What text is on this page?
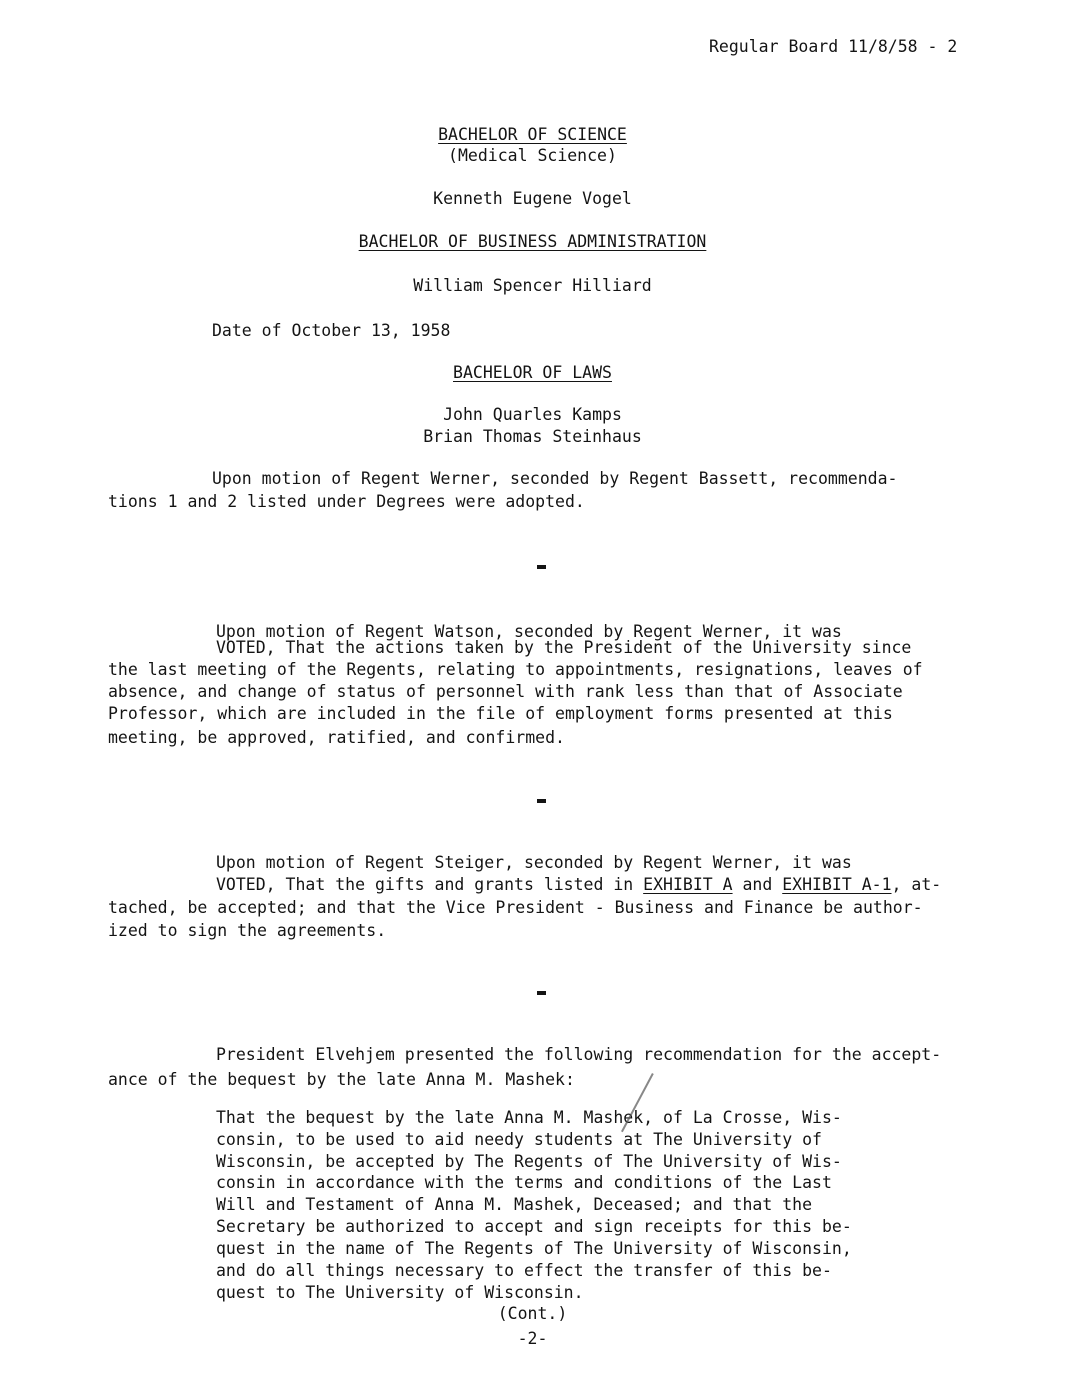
Regular Board 11/8/58 - 2
BACHELOR OF SCIENCE
(Medical Science)
Kenneth Eugene Vogel
BACHELOR OF BUSINESS ADMINISTRATION
William Spencer Hilliard
Date of October 13, 1958
BACHELOR OF LAWS
John Quarles Kamps
Brian Thomas Steinhaus
Upon motion of Regent Werner, seconded by Regent Bassett, recommenda-
tions 1 and 2 listed under Degrees were adopted.
Upon motion of Regent Watson, seconded by Regent Werner, it was
VOTED, That the actions taken by the President of the University since
the last meeting of the Regents, relating to appointments, resignations, leaves of
absence, and change of status of personnel with rank less than that of Associate
Professor, which are included in the file of employment forms presented at this
meeting, be approved, ratified, and confirmed.
Upon motion of Regent Steiger, seconded by Regent Werner, it was
VOTED, That the gifts and grants listed in EXHIBIT A and EXHIBIT A-1, at-
tached, be accepted; and that the Vice President - Business and Finance be author-
ized to sign the agreements.
President Elvehjem presented the following recommendation for the accept-
ance of the bequest by the late Anna M. Mashek:
That the bequest by the late Anna M. Mashek, of La Crosse, Wis-
consin, to be used to aid needy students at The University of
Wisconsin, be accepted by The Regents of The University of Wis-
consin in accordance with the terms and conditions of the Last
Will and Testament of Anna M. Mashek, Deceased; and that the
Secretary be authorized to accept and sign receipts for this be-
quest in the name of The Regents of The University of Wisconsin,
and do all things necessary to effect the transfer of this be-
quest to The University of Wisconsin.
(Cont.)
-2-
